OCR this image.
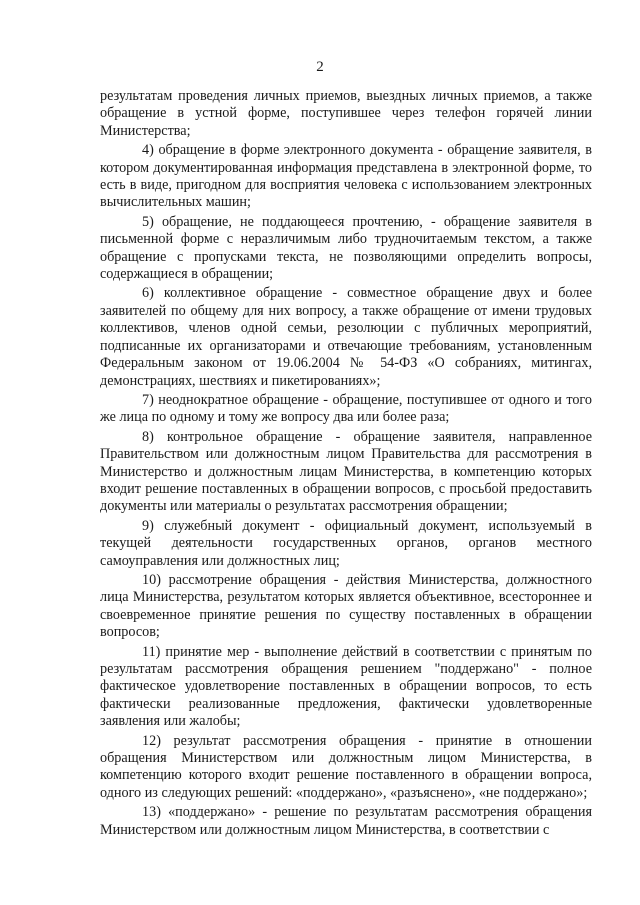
2

результатам проведения личных приемов, выездных личных приемов, а также обращение в устной форме, поступившее через телефон горячей линии Министерства;

4) обращение в форме электронного документа - обращение заявителя, в котором документированная информация представлена в электронной форме, то есть в виде, пригодном для восприятия человека с использованием электронных вычислительных машин;

5) обращение, не поддающееся прочтению, - обращение заявителя в письменной форме с неразличимым либо трудночитаемым текстом, а также обращение с пропусками текста, не позволяющими определить вопросы, содержащиеся в обращении;

6) коллективное обращение - совместное обращение двух и более заявителей по общему для них вопросу, а также обращение от имени трудовых коллективов, членов одной семьи, резолюции с публичных мероприятий, подписанные их организаторами и отвечающие требованиям, установленным Федеральным законом от 19.06.2004 № 54-ФЗ «О собраниях, митингах, демонстрациях, шествиях и пикетированиях»;

7) неоднократное обращение - обращение, поступившее от одного и того же лица по одному и тому же вопросу два или более раза;

8) контрольное обращение - обращение заявителя, направленное Правительством или должностным лицом Правительства для рассмотрения в Министерство и должностным лицам Министерства, в компетенцию которых входит решение поставленных в обращении вопросов, с просьбой предоставить документы или материалы о результатах рассмотрения обращении;

9) служебный документ - официальный документ, используемый в текущей деятельности государственных органов, органов местного самоуправления или должностных лиц;

10) рассмотрение обращения - действия Министерства, должностного лица Министерства, результатом которых является объективное, всестороннее и своевременное принятие решения по существу поставленных в обращении вопросов;

11) принятие мер - выполнение действий в соответствии с принятым по результатам рассмотрения обращения решением "поддержано" - полное фактическое удовлетворение поставленных в обращении вопросов, то есть фактически реализованные предложения, фактически удовлетворенные заявления или жалобы;

12) результат рассмотрения обращения - принятие в отношении обращения Министерством или должностным лицом Министерства, в компетенцию которого входит решение поставленного в обращении вопроса, одного из следующих решений: «поддержано», «разъяснено», «не поддержано»;

13) «поддержано» - решение по результатам рассмотрения обращения Министерством или должностным лицом Министерства, в соответствии с
